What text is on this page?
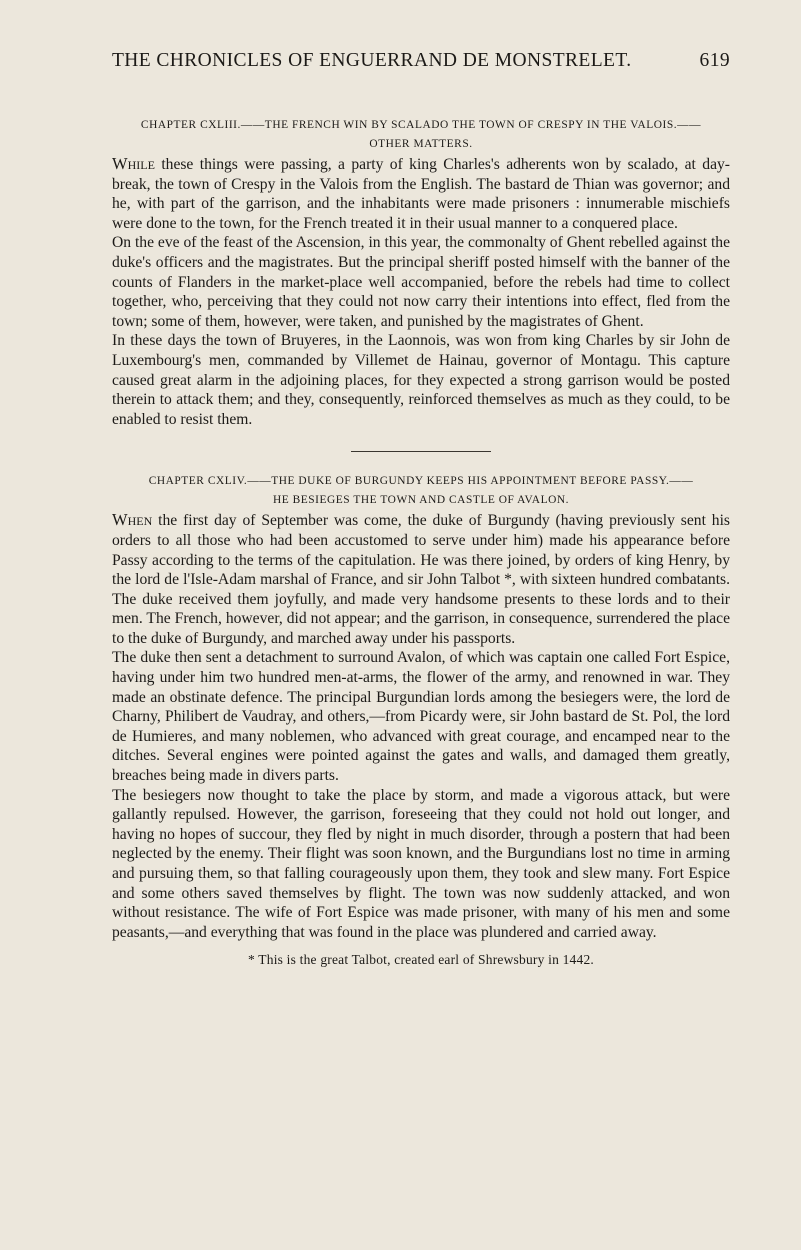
THE CHRONICLES OF ENGUERRAND DE MONSTRELET.	619
CHAPTER CXLIII.——THE FRENCH WIN BY SCALADO THE TOWN OF CRESPY IN THE VALOIS.——
OTHER MATTERS.

While these things were passing, a party of king Charles's adherents won by scalado, at day-break, the town of Crespy in the Valois from the English. The bastard de Thian was governor; and he, with part of the garrison, and the inhabitants were made prisoners : innumerable mischiefs were done to the town, for the French treated it in their usual manner to a conquered place.

On the eve of the feast of the Ascension, in this year, the commonalty of Ghent rebelled against the duke's officers and the magistrates. But the principal sheriff posted himself with the banner of the counts of Flanders in the market-place well accompanied, before the rebels had time to collect together, who, perceiving that they could not now carry their intentions into effect, fled from the town; some of them, however, were taken, and punished by the magistrates of Ghent.

In these days the town of Bruyeres, in the Laonnois, was won from king Charles by sir John de Luxembourg's men, commanded by Villemet de Hainau, governor of Montagu. This capture caused great alarm in the adjoining places, for they expected a strong garrison would be posted therein to attack them; and they, consequently, reinforced themselves as much as they could, to be enabled to resist them.

CHAPTER CXLIV.——THE DUKE OF BURGUNDY KEEPS HIS APPOINTMENT BEFORE PASSY.——
HE BESIEGES THE TOWN AND CASTLE OF AVALON.

When the first day of September was come, the duke of Burgundy (having previously sent his orders to all those who had been accustomed to serve under him) made his appearance before Passy according to the terms of the capitulation. He was there joined, by orders of king Henry, by the lord de l'Isle-Adam marshal of France, and sir John Talbot *, with sixteen hundred combatants. The duke received them joyfully, and made very handsome presents to these lords and to their men. The French, however, did not appear; and the garrison, in consequence, surrendered the place to the duke of Burgundy, and marched away under his passports.

The duke then sent a detachment to surround Avalon, of which was captain one called Fort Espice, having under him two hundred men-at-arms, the flower of the army, and renowned in war. They made an obstinate defence. The principal Burgundian lords among the besiegers were, the lord de Charny, Philibert de Vaudray, and others,—from Picardy were, sir John bastard de St. Pol, the lord de Humieres, and many noblemen, who advanced with great courage, and encamped near to the ditches. Several engines were pointed against the gates and walls, and damaged them greatly, breaches being made in divers parts.

The besiegers now thought to take the place by storm, and made a vigorous attack, but were gallantly repulsed. However, the garrison, foreseeing that they could not hold out longer, and having no hopes of succour, they fled by night in much disorder, through a postern that had been neglected by the enemy. Their flight was soon known, and the Burgundians lost no time in arming and pursuing them, so that falling courageously upon them, they took and slew many. Fort Espice and some others saved themselves by flight. The town was now suddenly attacked, and won without resistance. The wife of Fort Espice was made prisoner, with many of his men and some peasants,—and everything that was found in the place was plundered and carried away.

* This is the great Talbot, created earl of Shrewsbury in 1442.
